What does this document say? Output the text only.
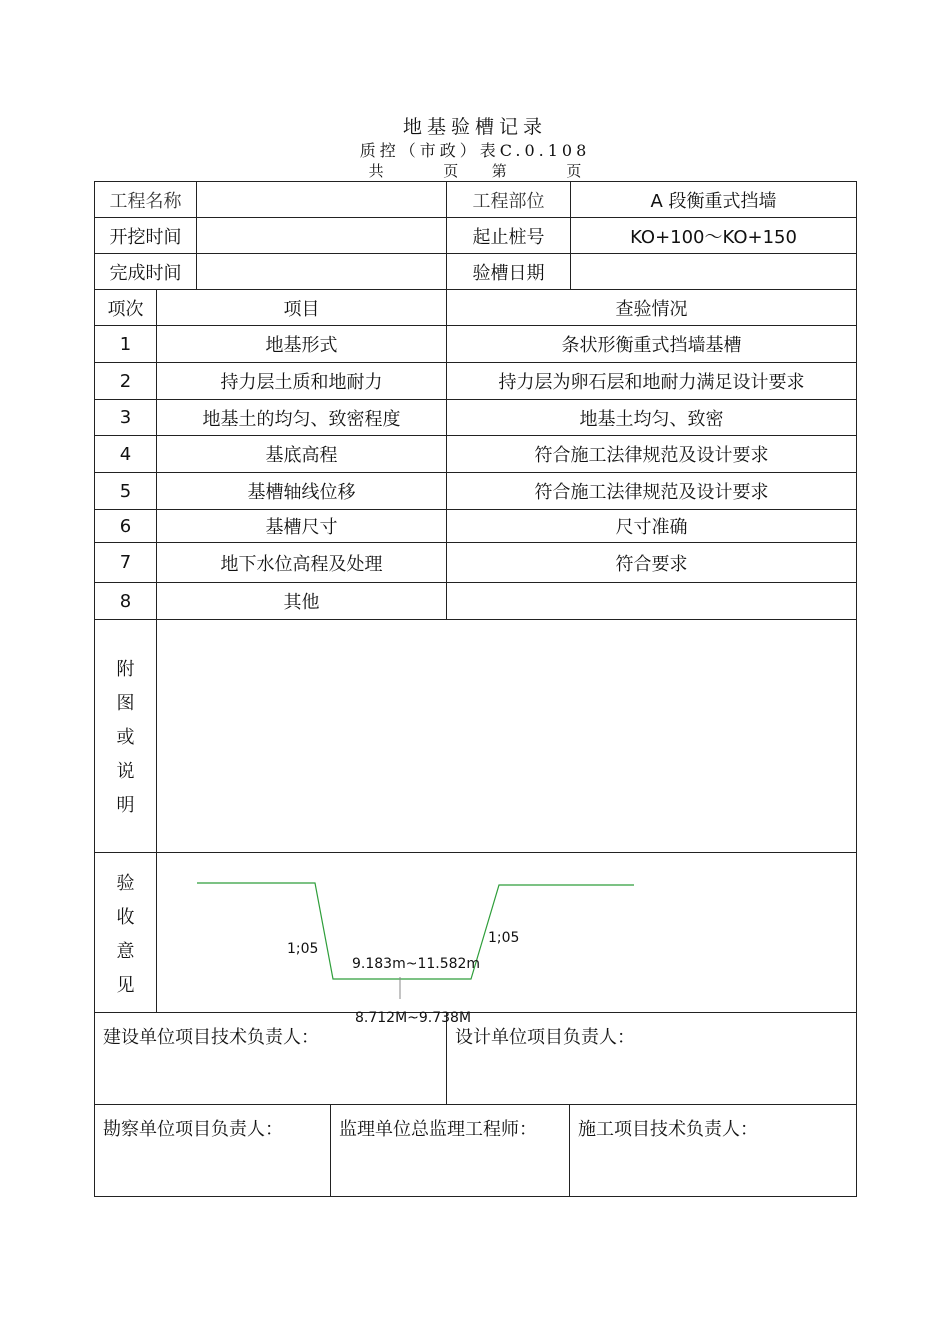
地基验槽记录
质控（市政）表C.0.108
共	页 第	页
工程名称			工程部位	A 段衡重式挡墙
开挖时间			起止桩号	KO+100～KO+150
完成时间			验槽日期	
项次	项目		查验情况	
1	地基形式		条状形衡重式挡墙基槽	
2	持力层土质和地耐力		持力层为卵石层和地耐力满足设计要求	
3	地基土的均匀、致密程度		地基土均匀、致密	
4	基底高程		符合施工法律规范及设计要求	
5	基槽轴线位移		符合施工法律规范及设计要求	
6	基槽尺寸		尺寸准确	
7	地下水位高程及处理		符合要求	
8	其他			

附
图
或
说
明				

验
收
意
见	1;05
1;05
9.183m~11.582m
8.712M~9.738M			

建设单位项目技术负责人：			设计单位项目负责人：	
勘察单位项目负责人：	监理单位总监理工程师：	施工项目技术负责人：
